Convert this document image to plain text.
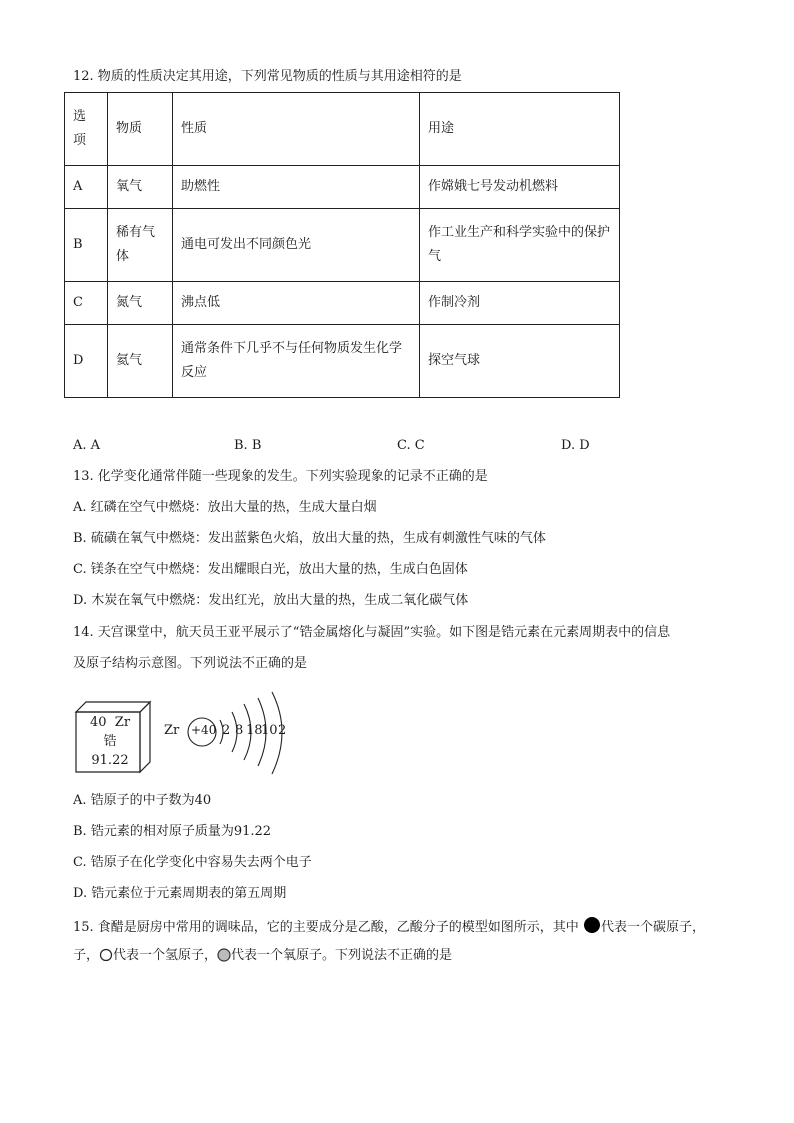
12. 物质的性质决定其用途，下列常见物质的性质与其用途相符的是
选
项	物质	性质	用途
A	氧气	助燃性	作嫦娥七号发动机燃料
B	稀有气体	通电可发出不同颜色光	作工业生产和科学实验中的保护气
C	氮气	沸点低	作制冷剂
D	氦气	通常条件下几乎不与任何物质发生化学反应	探空气球
A. A	B. B	C. C	D. D
13. 化学变化通常伴随一些现象的发生。下列实验现象的记录不正确的是
A. 红磷在空气中燃烧：放出大量的热，生成大量白烟
B. 硫磺在氧气中燃烧：发出蓝紫色火焰，放出大量的热，生成有刺激性气味的气体
C. 镁条在空气中燃烧：发出耀眼白光，放出大量的热，生成白色固体
D. 木炭在氧气中燃烧：发出红光，放出大量的热，生成二氧化碳气体
14. 天宫课堂中，航天员王亚平展示了“锆金属熔化与凝固”实验。如下图是锆元素在元素周期表中的信息
及原子结构示意图。下列说法不正确的是
40 Zr
锆
91.22
Zr +40 2 8 18
10 2
A. 锆原子的中子数为40
B. 锆元素的相对原子质量为91.22
C. 锆原子在化学变化中容易失去两个电子
D. 锆元素位于元素周期表的第五周期
15. 食醋是厨房中常用的调味品，它的主要成分是乙酸，乙酸分子的模型如图所示，其中 代表一个碳原子，
子， 代表一个氢原子， 代表一个氧原子。下列说法不正确的是
